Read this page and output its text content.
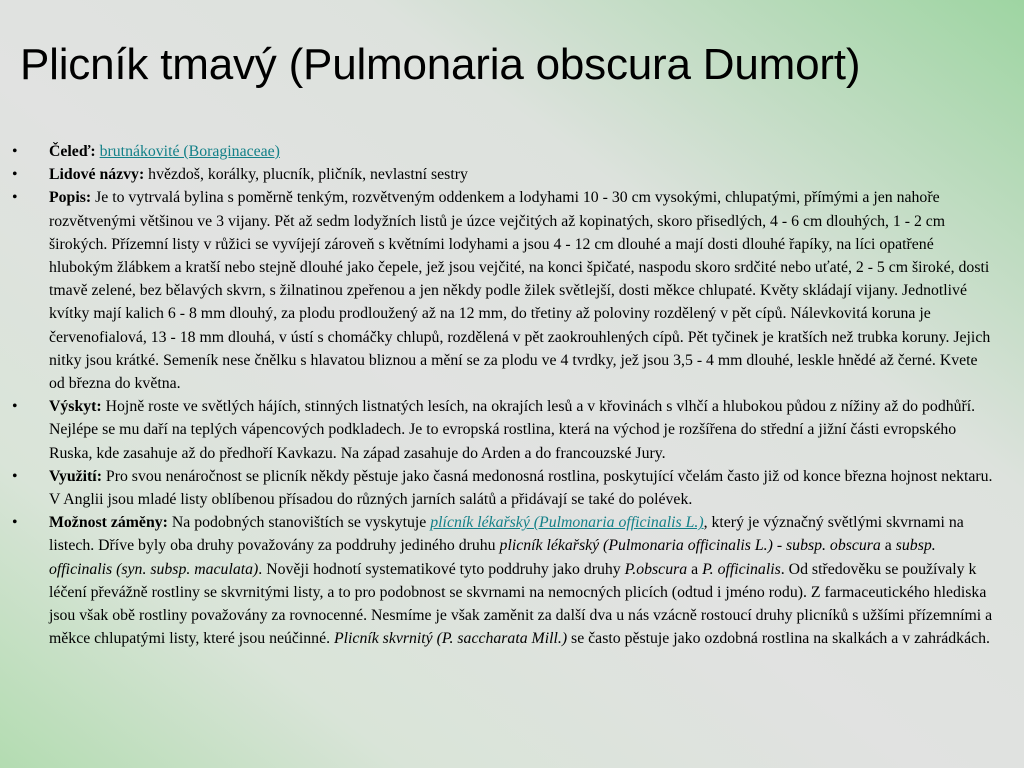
Plicník tmavý (Pulmonaria obscura Dumort)
• Čeleď: brutnákovité (Boraginaceae)
• Lidové názvy: hvězdoš, korálky, plucník, pličník, nevlastní sestry
• Popis: Je to vytrvalá bylina s poměrně tenkým, rozvětveným oddenkem a lodyhami 10 - 30 cm vysokými, chlupatými, přímými a jen nahoře rozvětvenými většinou ve 3 vijany. Pět až sedm lodyžních listů je úzce vejčitých až kopinatých, skoro přisedlých, 4 - 6 cm dlouhých, 1 - 2 cm širokých. Přízemní listy v růžici se vyvíjejí zároveň s květními lodyhami a jsou 4 - 12 cm dlouhé a mají dosti dlouhé řapíky, na líci opatřené hlubokým žlábkem a kratší nebo stejně dlouhé jako čepele, jež jsou vejčité, na konci špičaté, naspodu skoro srdčité nebo uťaté, 2 - 5 cm široké, dosti tmavě zelené, bez bělavých skvrn, s žilnatinou zpeřenou a jen někdy podle žilek světlejší, dosti měkce chlupaté. Květy skládají vijany. Jednotlivé kvítky mají kalich 6 - 8 mm dlouhý, za plodu prodloužený až na 12 mm, do třetiny až poloviny rozdělený v pět cípů. Nálevkovitá koruna je červenofialová, 13 - 18 mm dlouhá, v ústí s chomáčky chlupů, rozdělená v pět zaokrouhlených cípů. Pět tyčinek je kratších než trubka koruny. Jejich nitky jsou krátké. Semeník nese čnělku s hlavatou bliznou a mění se za plodu ve 4 tvrdky, jež jsou 3,5 - 4 mm dlouhé, leskle hnědé až černé. Kvete od března do května.
• Výskyt: Hojně roste ve světlých hájích, stinných listnatých lesích, na okrajích lesů a v křovinách s vlhčí a hlubokou půdou z nížiny až do podhůří. Nejlépe se mu daří na teplých vápencových podkladech. Je to evropská rostlina, která na východ je rozšířena do střední a jižní části evropského Ruska, kde zasahuje až do předhoří Kavkazu. Na západ zasahuje do Arden a do francouzské Jury.
• Využití: Pro svou nenáročnost se plicník někdy pěstuje jako časná medonosná rostlina, poskytující včelám často již od konce března hojnost nektaru. V Anglii jsou mladé listy oblíbenou přísadou do různých jarních salátů a přidávají se také do polévek.
• Možnost záměny: Na podobných stanovištích se vyskytuje plícník lékařský (Pulmonaria officinalis L.), který je význačný světlými skvrnami na listech. Dříve byly oba druhy považovány za poddruhy jediného druhu plicník lékařský (Pulmonaria officinalis L.) - subsp. obscura a subsp. officinalis (syn. subsp. maculata). Nověji hodnotí systematikové tyto poddruhy jako druhy P.obscura a P. officinalis. Od středověku se používaly k léčení převážně rostliny se skvrnitými listy, a to pro podobnost se skvrnami na nemocných plicích (odtud i jméno rodu). Z farmaceutického hlediska jsou však obě rostliny považovány za rovnocenné. Nesmíme je však zaměnit za další dva u nás vzácně rostoucí druhy plicníků s užšími přízemními a měkce chlupatými listy, které jsou neúčinné. Plicník skvrnitý (P. saccharata Mill.) se často pěstuje jako ozdobná rostlina na skalkách a v zahrádkách.
